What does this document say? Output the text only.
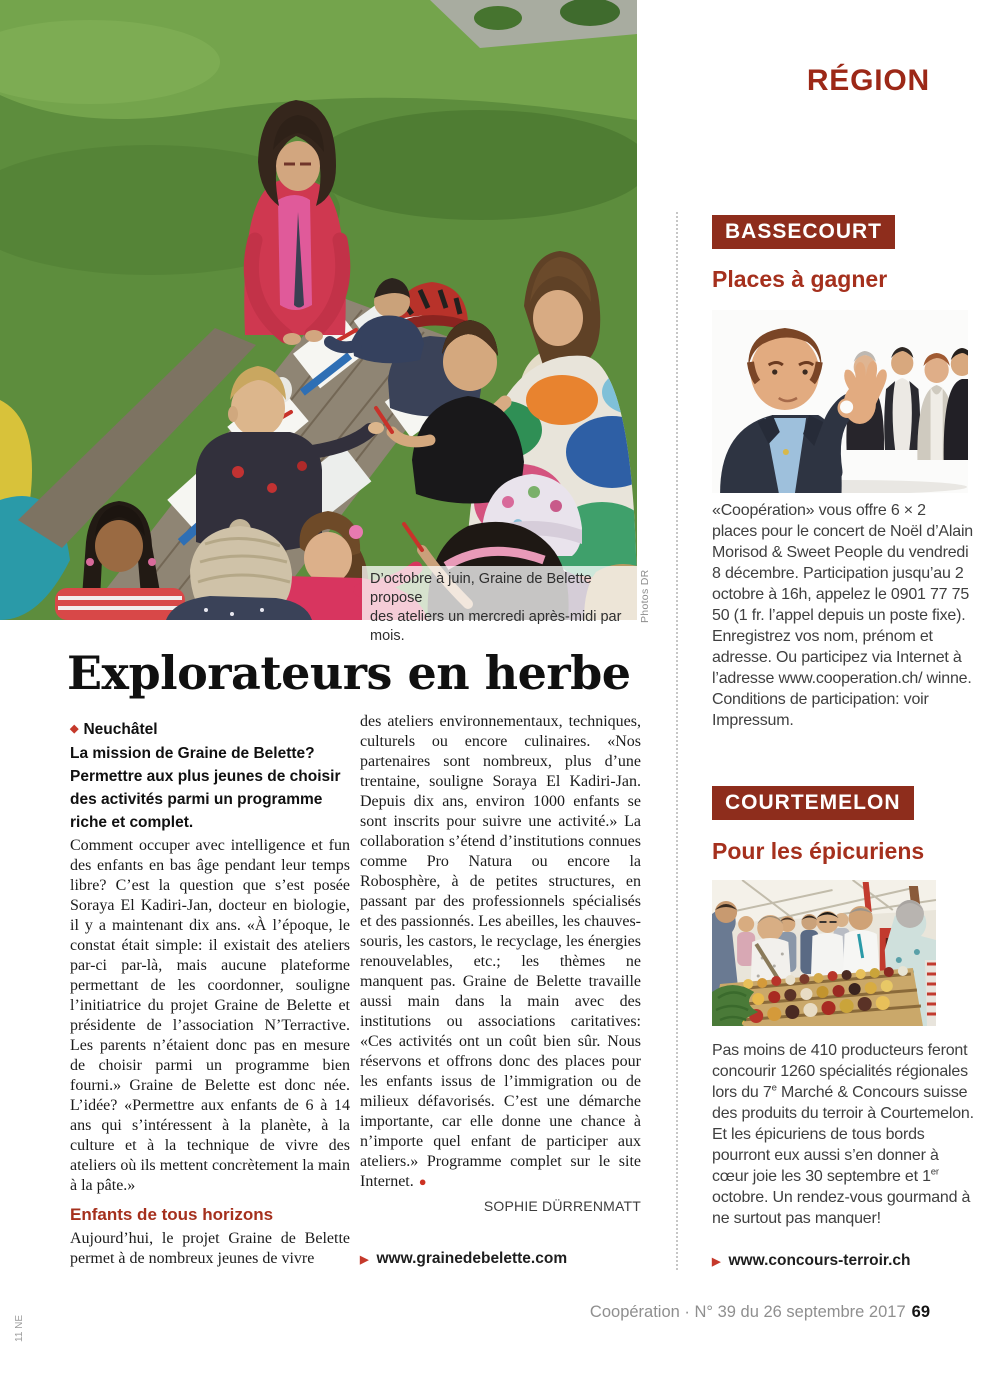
D’octobre à juin, Graine de Belette propose
des ateliers un mercredi après-midi par mois.
Photos DR
RÉGION
Explorateurs en herbe
◆ Neuchâtel
La mission de Graine de Belette? Permettre aux plus jeunes de choisir des activités parmi un programme riche et complet.
Comment occuper avec intelligence et fun des enfants en bas âge pendant leur temps libre? C’est la question que s’est posée Soraya El Kadiri-Jan, docteur en biologie, il y a maintenant dix ans. «À l’époque, le constat était simple: il existait des ateliers par-ci par-là, mais aucune plateforme permettant de les coordonner, souligne l’initiatrice du projet Graine de Belette et présidente de l’association N’Terractive. Les parents n’étaient donc pas en mesure de choisir parmi un programme bien fourni.» Graine de Belette est donc née. L’idée? «Permettre aux enfants de 6 à 14 ans qui s’intéressent à la planète, à la culture et à la technique de vivre des ateliers où ils mettent concrètement la main à la pâte.»
Enfants de tous horizons
Aujourd’hui, le projet Graine de Belette permet à de nombreux jeunes de vivre
des ateliers environnementaux, techniques, culturels ou encore culinaires. «Nos partenaires sont nombreux, plus d’une trentaine, souligne Soraya El Kadiri-Jan. Depuis dix ans, environ 1000 enfants se sont inscrits pour suivre une activité.» La collaboration s’étend d’institutions connues comme Pro Natura ou encore la Robosphère, à de petites structures, en passant par des professionnels spécialisés et des passionnés. Les abeilles, les chauves-souris, les castors, le recyclage, les énergies renouvelables, etc.; les thèmes ne manquent pas. Graine de Belette travaille aussi main dans la main avec des institutions ou associations caritatives: «Ces activités ont un coût bien sûr. Nous réservons et offrons donc des places pour les enfants issus de l’immigration ou de milieux défavorisés. C’est une démarche importante, car elle donne une chance à n’importe quel enfant de participer aux ateliers.» Programme complet sur le site Internet. ●
SOPHIE DÜRRENMATT
▶ www.grainedebelette.com
BASSECOURT
Places à gagner
«Coopération» vous offre 6 × 2 places pour le concert de Noël d’Alain Morisod & Sweet People du vendredi 8 décembre. Participation jusqu’au 2 octobre à 16h, appelez le 0901 77 75 50 (1 fr. l’appel depuis un poste fixe). Enregistrez vos nom, prénom et adresse. Ou participez via Internet à l’adresse www.cooperation.ch/ winne. Conditions de participation: voir Impressum.
COURTEMELON
Pour les épicuriens
Pas moins de 410 producteurs feront concourir 1260 spécialités régionales lors du 7e Marché & Concours suisse des produits du terroir à Courtemelon. Et les épicuriens de tous bords pourront eux aussi s’en donner à cœur joie les 30 septembre et 1er octobre. Un rendez-vous gourmand à ne surtout pas manquer!
▶ www.concours-terroir.ch
Coopération · N° 39 du 26 septembre 2017 69
11 NE
